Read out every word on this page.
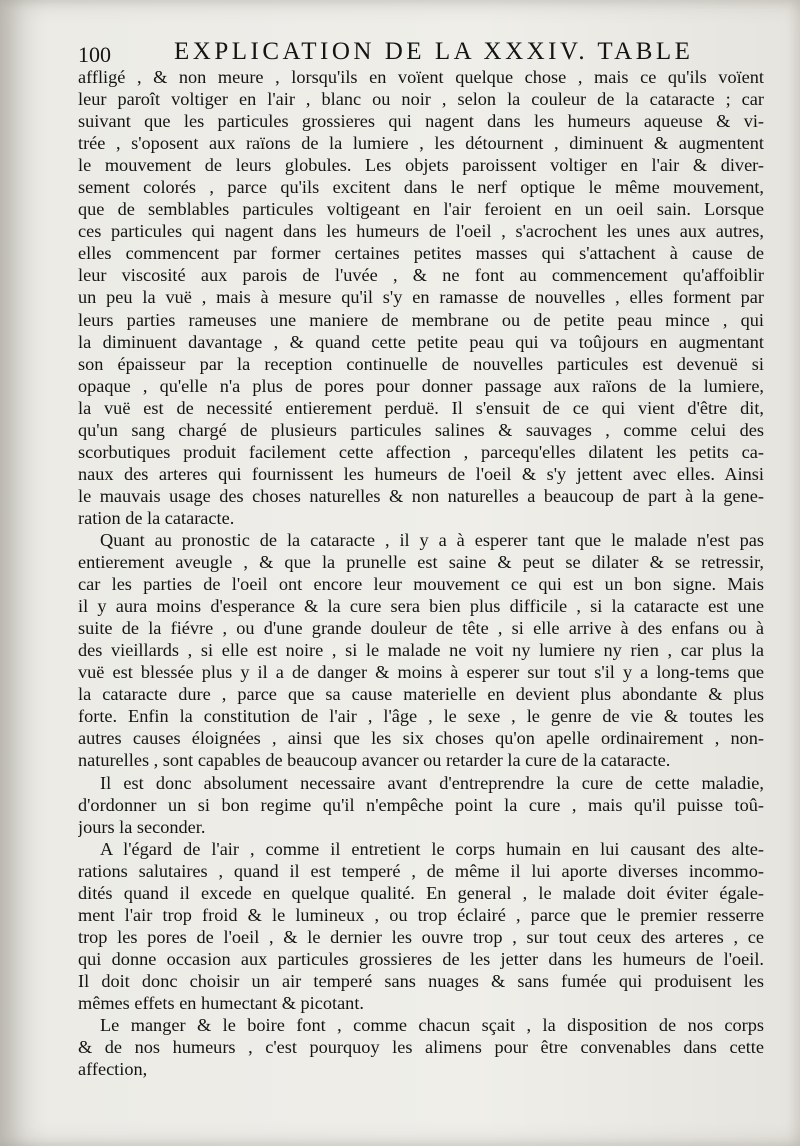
100	EXPLICATION DE LA XXXIV. TABLE

affligé , & non meure , lorsqu'ils en voïent quelque chose , mais ce qu'ils voïent
leur paroît voltiger en l'air , blanc ou noir , selon la couleur de la cataracte ; car
suivant que les particules grossieres qui nagent dans les humeurs aqueuse & vi-
trée , s'oposent aux raïons de la lumiere , les détournent , diminuent & augmentent
le mouvement de leurs globules. Les objets paroissent voltiger en l'air & diver-
sement colorés , parce qu'ils excitent dans le nerf optique le même mouvement,
que de semblables particules voltigeant en l'air feroient en un oeil sain. Lorsque
ces particules qui nagent dans les humeurs de l'oeil , s'acrochent les unes aux autres,
elles commencent par former certaines petites masses qui s'attachent à cause de
leur viscosité aux parois de l'uvée , & ne font au commencement qu'affoiblir
un peu la vuë , mais à mesure qu'il s'y en ramasse de nouvelles , elles forment par
leurs parties rameuses une maniere de membrane ou de petite peau mince , qui
la diminuent davantage , & quand cette petite peau qui va toûjours en augmentant
son épaisseur par la reception continuelle de nouvelles particules est devenuë si
opaque , qu'elle n'a plus de pores pour donner passage aux raïons de la lumiere,
la vuë est de necessité entierement perduë. Il s'ensuit de ce qui vient d'être dit,
qu'un sang chargé de plusieurs particules salines & sauvages , comme celui des
scorbutiques produit facilement cette affection , parcequ'elles dilatent les petits ca-
naux des arteres qui fournissent les humeurs de l'oeil & s'y jettent avec elles. Ainsi
le mauvais usage des choses naturelles & non naturelles a beaucoup de part à la gene-
ration de la cataracte.

Quant au pronostic de la cataracte , il y a à esperer tant que le malade n'est pas
entierement aveugle , & que la prunelle est saine & peut se dilater & se retressir,
car les parties de l'oeil ont encore leur mouvement ce qui est un bon signe. Mais
il y aura moins d'esperance & la cure sera bien plus difficile , si la cataracte est une
suite de la fiévre , ou d'une grande douleur de tête , si elle arrive à des enfans ou à
des vieillards , si elle est noire , si le malade ne voit ny lumiere ny rien , car plus la
vuë est blessée plus y il a de danger & moins à esperer sur tout s'il y a long-tems que
la cataracte dure , parce que sa cause materielle en devient plus abondante & plus
forte. Enfin la constitution de l'air , l'âge , le sexe , le genre de vie & toutes les
autres causes éloignées , ainsi que les six choses qu'on apelle ordinairement , non-
naturelles , sont capables de beaucoup avancer ou retarder la cure de la cataracte.

Il est donc absolument necessaire avant d'entreprendre la cure de cette maladie,
d'ordonner un si bon regime qu'il n'empêche point la cure , mais qu'il puisse toû-
jours la seconder.

A l'égard de l'air , comme il entretient le corps humain en lui causant des alte-
rations salutaires , quand il est temperé , de même il lui aporte diverses incommo-
dités quand il excede en quelque qualité. En general , le malade doit éviter égale-
ment l'air trop froid & le lumineux , ou trop éclairé , parce que le premier resserre
trop les pores de l'oeil , & le dernier les ouvre trop , sur tout ceux des arteres , ce
qui donne occasion aux particules grossieres de les jetter dans les humeurs de l'oeil.
Il doit donc choisir un air temperé sans nuages & sans fumée qui produisent les
mêmes effets en humectant & picotant.

Le manger & le boire font , comme chacun sçait , la disposition de nos corps
& de nos humeurs , c'est pourquoy les alimens pour être convenables dans cette
affection,
